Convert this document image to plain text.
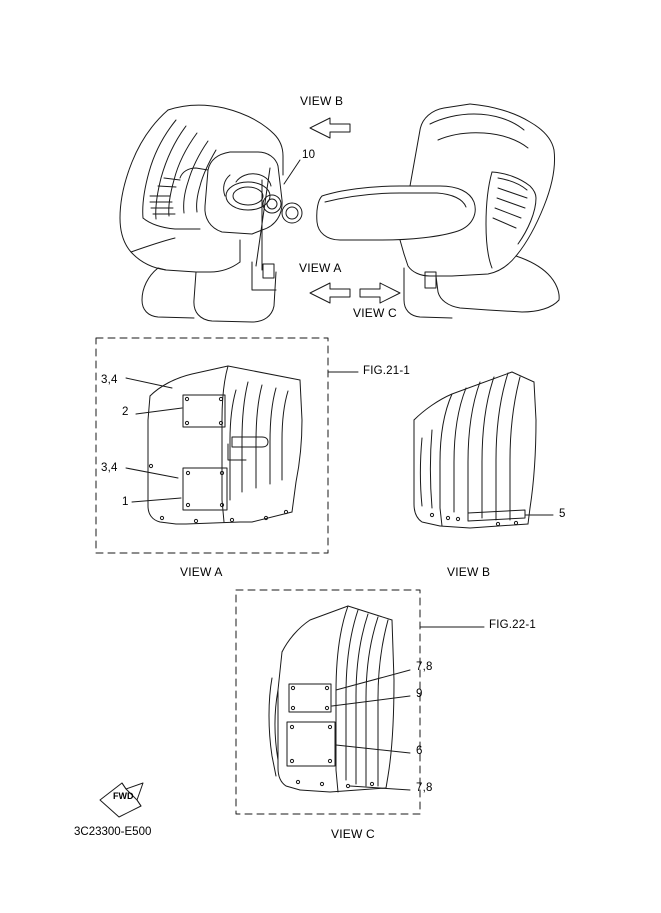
VIEW B
VIEW A
VIEW C
10
3,4
2
3,4
1
5
7,8
9
6
7,8
FIG.21-1
FIG.22-1
VIEW A	VIEW B
VIEW C
FWD
3C23300-E500
